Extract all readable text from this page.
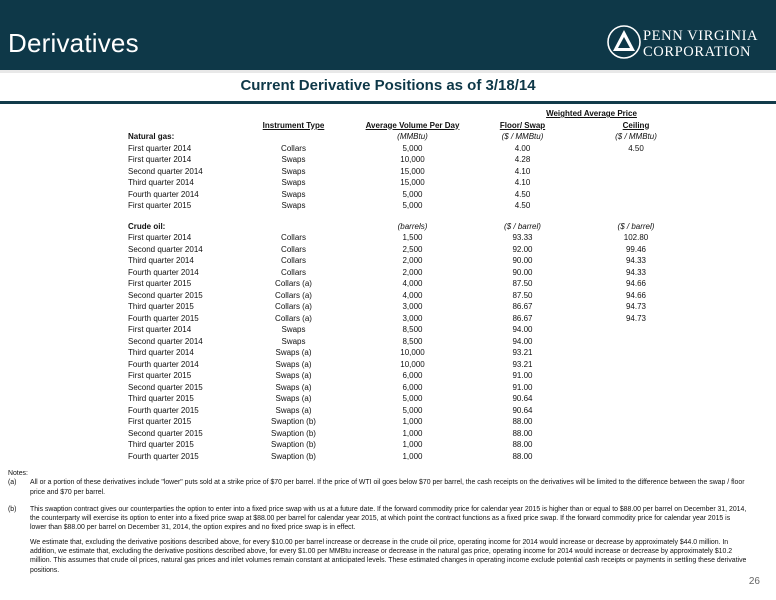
Derivatives	PENN VIRGINIA
CORPORATION
Current Derivative Positions as of 3/18/14
			Weighted Average Price	
	Instrument Type	Average Volume Per Day	Floor/ Swap	Ceiling
Natural gas:		(MMBtu)	($ / MMBtu)	($ / MMBtu)
First quarter 2014	Collars	5,000	4.00	4.50
First quarter 2014	Swaps	10,000	4.28	
Second quarter 2014	Swaps	15,000	4.10	
Third quarter 2014	Swaps	15,000	4.10	
Fourth quarter 2014	Swaps	5,000	4.50	
First quarter 2015	Swaps	5,000	4.50	

Crude oil:		(barrels)	($ / barrel)	($ / barrel)
First quarter 2014	Collars	1,500	93.33	102.80
Second quarter 2014	Collars	2,500	92.00	99.46
Third quarter 2014	Collars	2,000	90.00	94.33
Fourth quarter 2014	Collars	2,000	90.00	94.33
First quarter 2015	Collars (a)	4,000	87.50	94.66
Second quarter 2015	Collars (a)	4,000	87.50	94.66
Third quarter 2015	Collars (a)	3,000	86.67	94.73
Fourth quarter 2015	Collars (a)	3,000	86.67	94.73
First quarter 2014	Swaps	8,500	94.00	
Second quarter 2014	Swaps	8,500	94.00	
Third quarter 2014	Swaps (a)	10,000	93.21	
Fourth quarter 2014	Swaps (a)	10,000	93.21	
First quarter 2015	Swaps (a)	6,000	91.00	
Second quarter 2015	Swaps (a)	6,000	91.00	
Third quarter 2015	Swaps (a)	5,000	90.64	
Fourth quarter 2015	Swaps (a)	5,000	90.64	
First quarter 2015	Swaption (b)	1,000	88.00	
Second quarter 2015	Swaption (b)	1,000	88.00	
Third quarter 2015	Swaption (b)	1,000	88.00	
Fourth quarter 2015	Swaption (b)	1,000	88.00	
Notes:
(a) All or a portion of these derivatives include "lower" puts sold at a strike price of $70 per barrel. If the price of WTI oil goes below $70 per barrel, the cash receipts on the derivatives will be limited to the difference between the swap / floor price and $70 per barrel.
(b) This swaption contract gives our counterparties the option to enter into a fixed price swap with us at a future date. If the forward commodity price for calendar year 2015 is higher than or equal to $88.00 per barrel on December 31, 2014, the counterparty will exercise its option to enter into a fixed price swap at $88.00 per barrel for calendar year 2015, at which point the contract functions as a fixed price swap. If the forward commodity price for calendar year 2015 is lower than $88.00 per barrel on December 31, 2014, the option expires and no fixed price swap is in effect.
We estimate that, excluding the derivative positions described above, for every $10.00 per barrel increase or decrease in the crude oil price, operating income for 2014 would increase or decrease by approximately $44.0 million. In addition, we estimate that, excluding the derivative positions described above, for every $1.00 per MMBtu increase or decrease in the natural gas price, operating income for 2014 would increase or decrease by approximately $10.2 million. This assumes that crude oil prices, natural gas prices and inlet volumes remain constant at anticipated levels. These estimated changes in operating income exclude potential cash receipts or payments in settling these derivative positions.
26
